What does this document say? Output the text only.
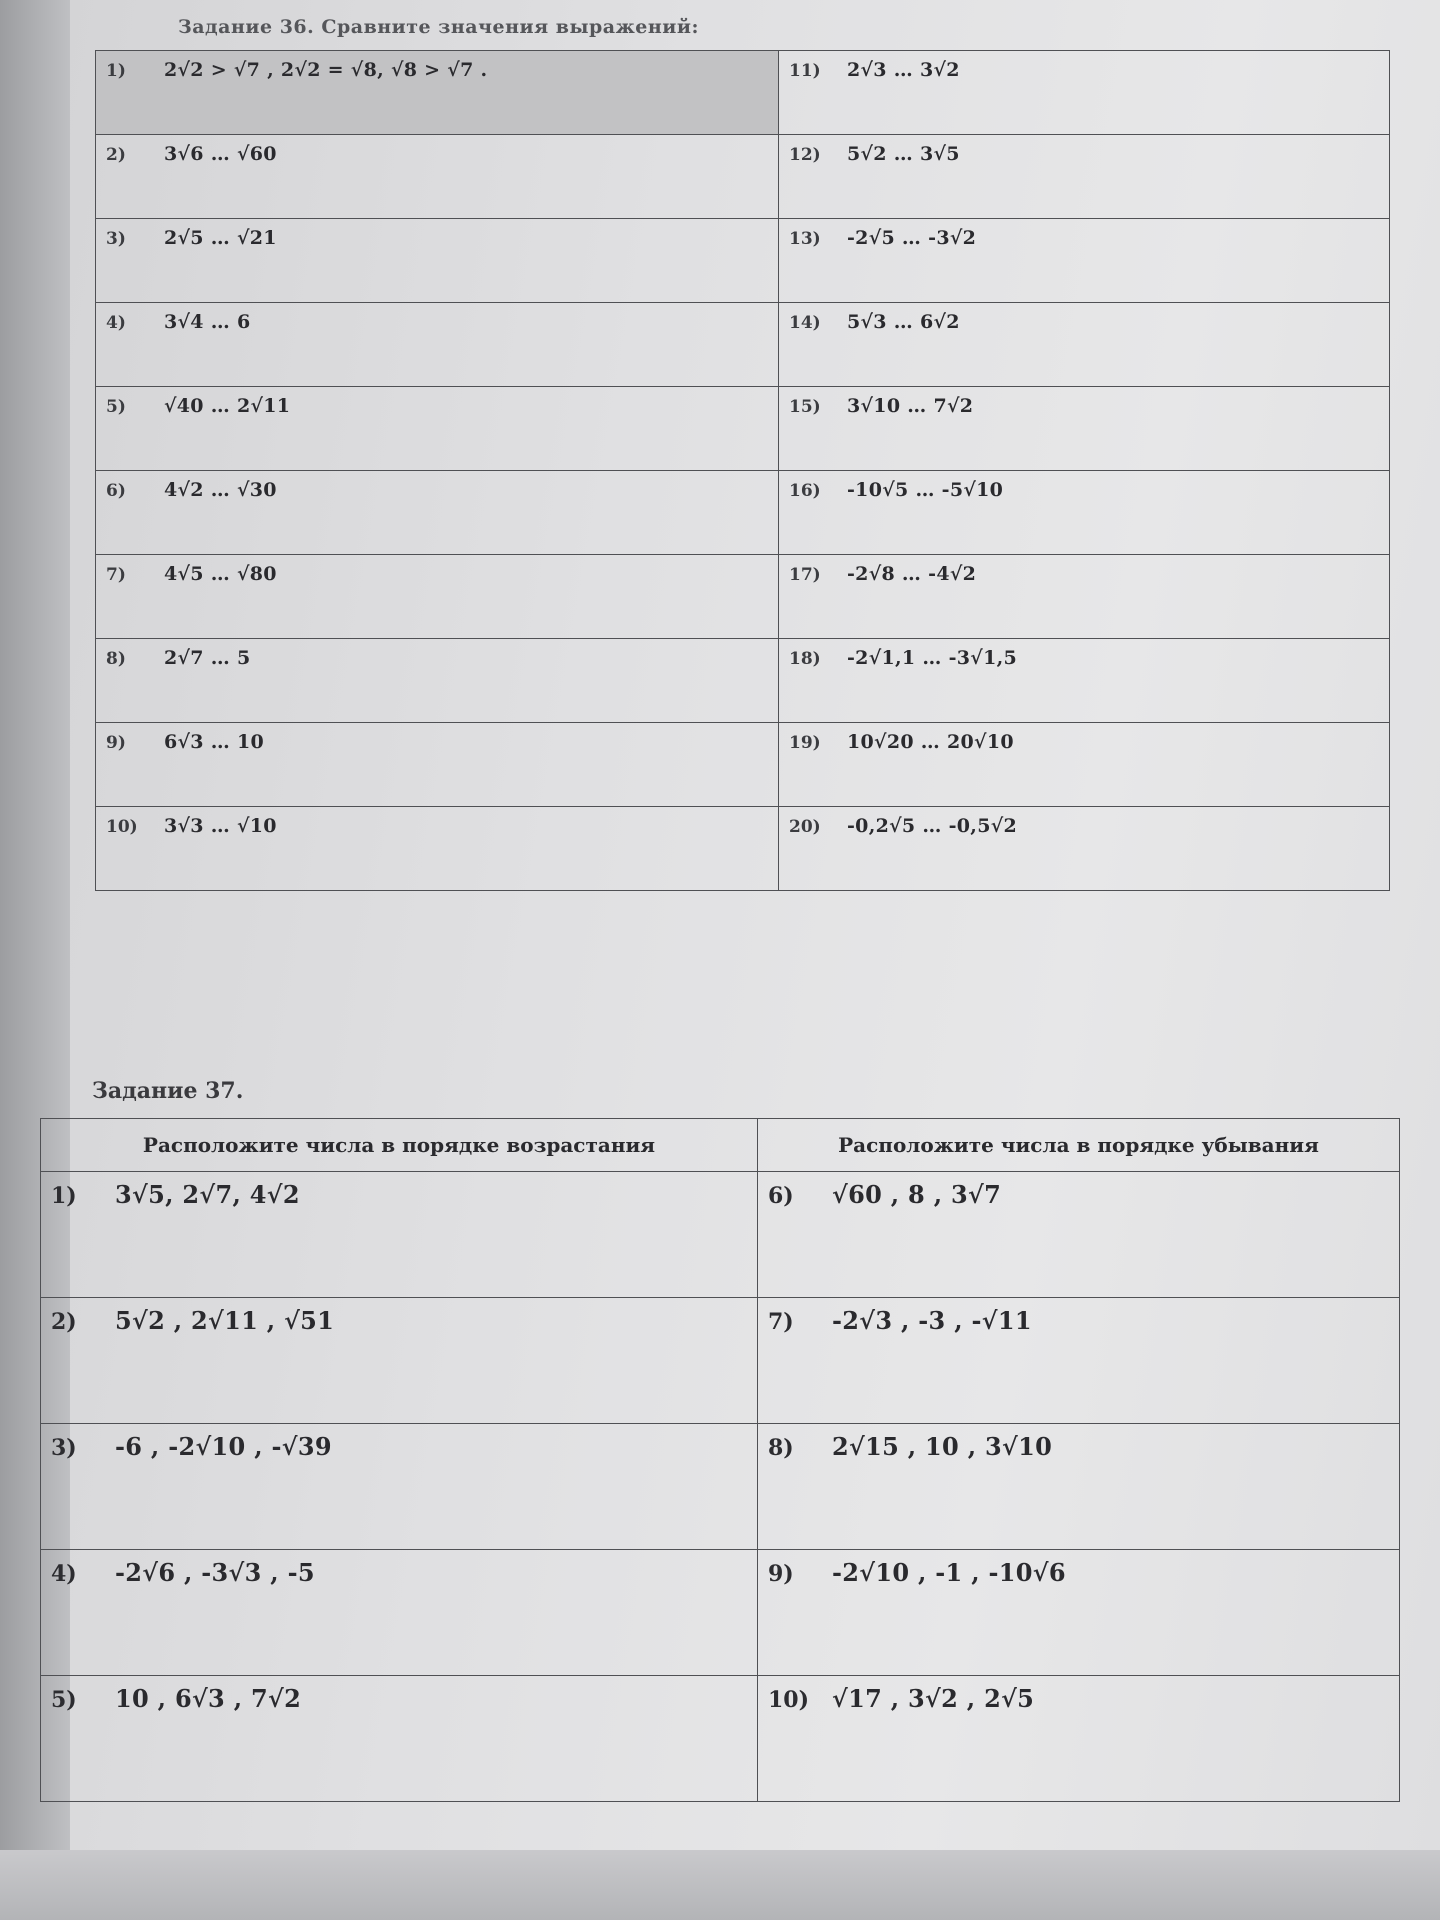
Задание 36. Сравните значения выражений:
1) 2√2 > √7 , 2√2 = √8, √8 > √7 .	11) 2√3 … 3√2
2) 3√6 … √60	12) 5√2 … 3√5
3) 2√5 … √21	13) -2√5 … -3√2
4) 3√4 … 6	14) 5√3 … 6√2
5) √40 … 2√11	15) 3√10 … 7√2
6) 4√2 … √30	16) -10√5 … -5√10
7) 4√5 … √80	17) -2√8 … -4√2
8) 2√7 … 5	18) -2√1,1 … -3√1,5
9) 6√3 … 10	19) 10√20 … 20√10
10) 3√3 … √10	20) -0,2√5 … -0,5√2
Задание 37.
Расположите числа в порядке возрастания	Расположите числа в порядке убывания
1) 3√5, 2√7, 4√2	6) √60 , 8 , 3√7
2) 5√2 , 2√11 , √51	7) -2√3 , -3 , -√11
3) -6 , -2√10 , -√39	8) 2√15 , 10 , 3√10
4) -2√6 , -3√3 , -5	9) -2√10 , -1 , -10√6
5) 10 , 6√3 , 7√2	10) √17 , 3√2 , 2√5
